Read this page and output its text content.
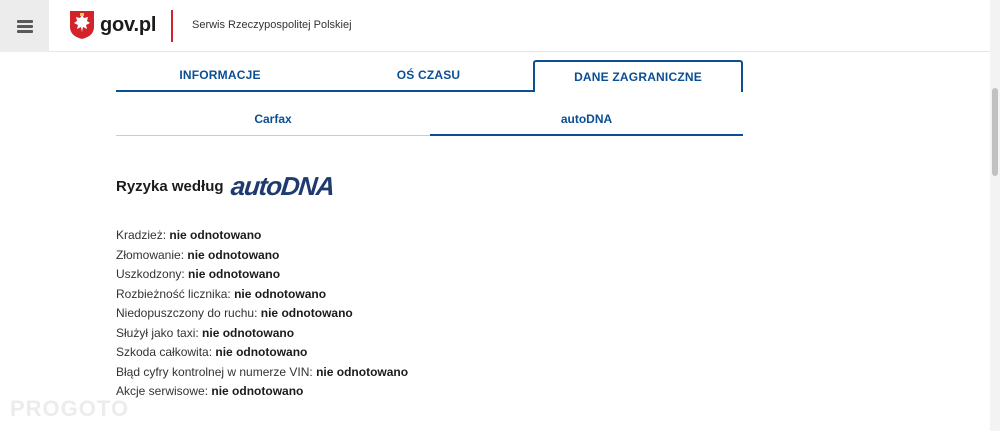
gov.pl	Serwis Rzeczypospolitej Polskiej
INFORMACJE	OŚ CZASU	DANE ZAGRANICZNE
Carfax	autoDNA
Ryzyka według autoDNA
Kradzież: nie odnotowano
Złomowanie: nie odnotowano
Uszkodzony: nie odnotowano
Rozbieżność licznika: nie odnotowano
Niedopuszczony do ruchu: nie odnotowano
Służył jako taxi: nie odnotowano
Szkoda całkowita: nie odnotowano
Błąd cyfry kontrolnej w numerze VIN: nie odnotowano
Akcje serwisowe: nie odnotowano
PROGOTO
